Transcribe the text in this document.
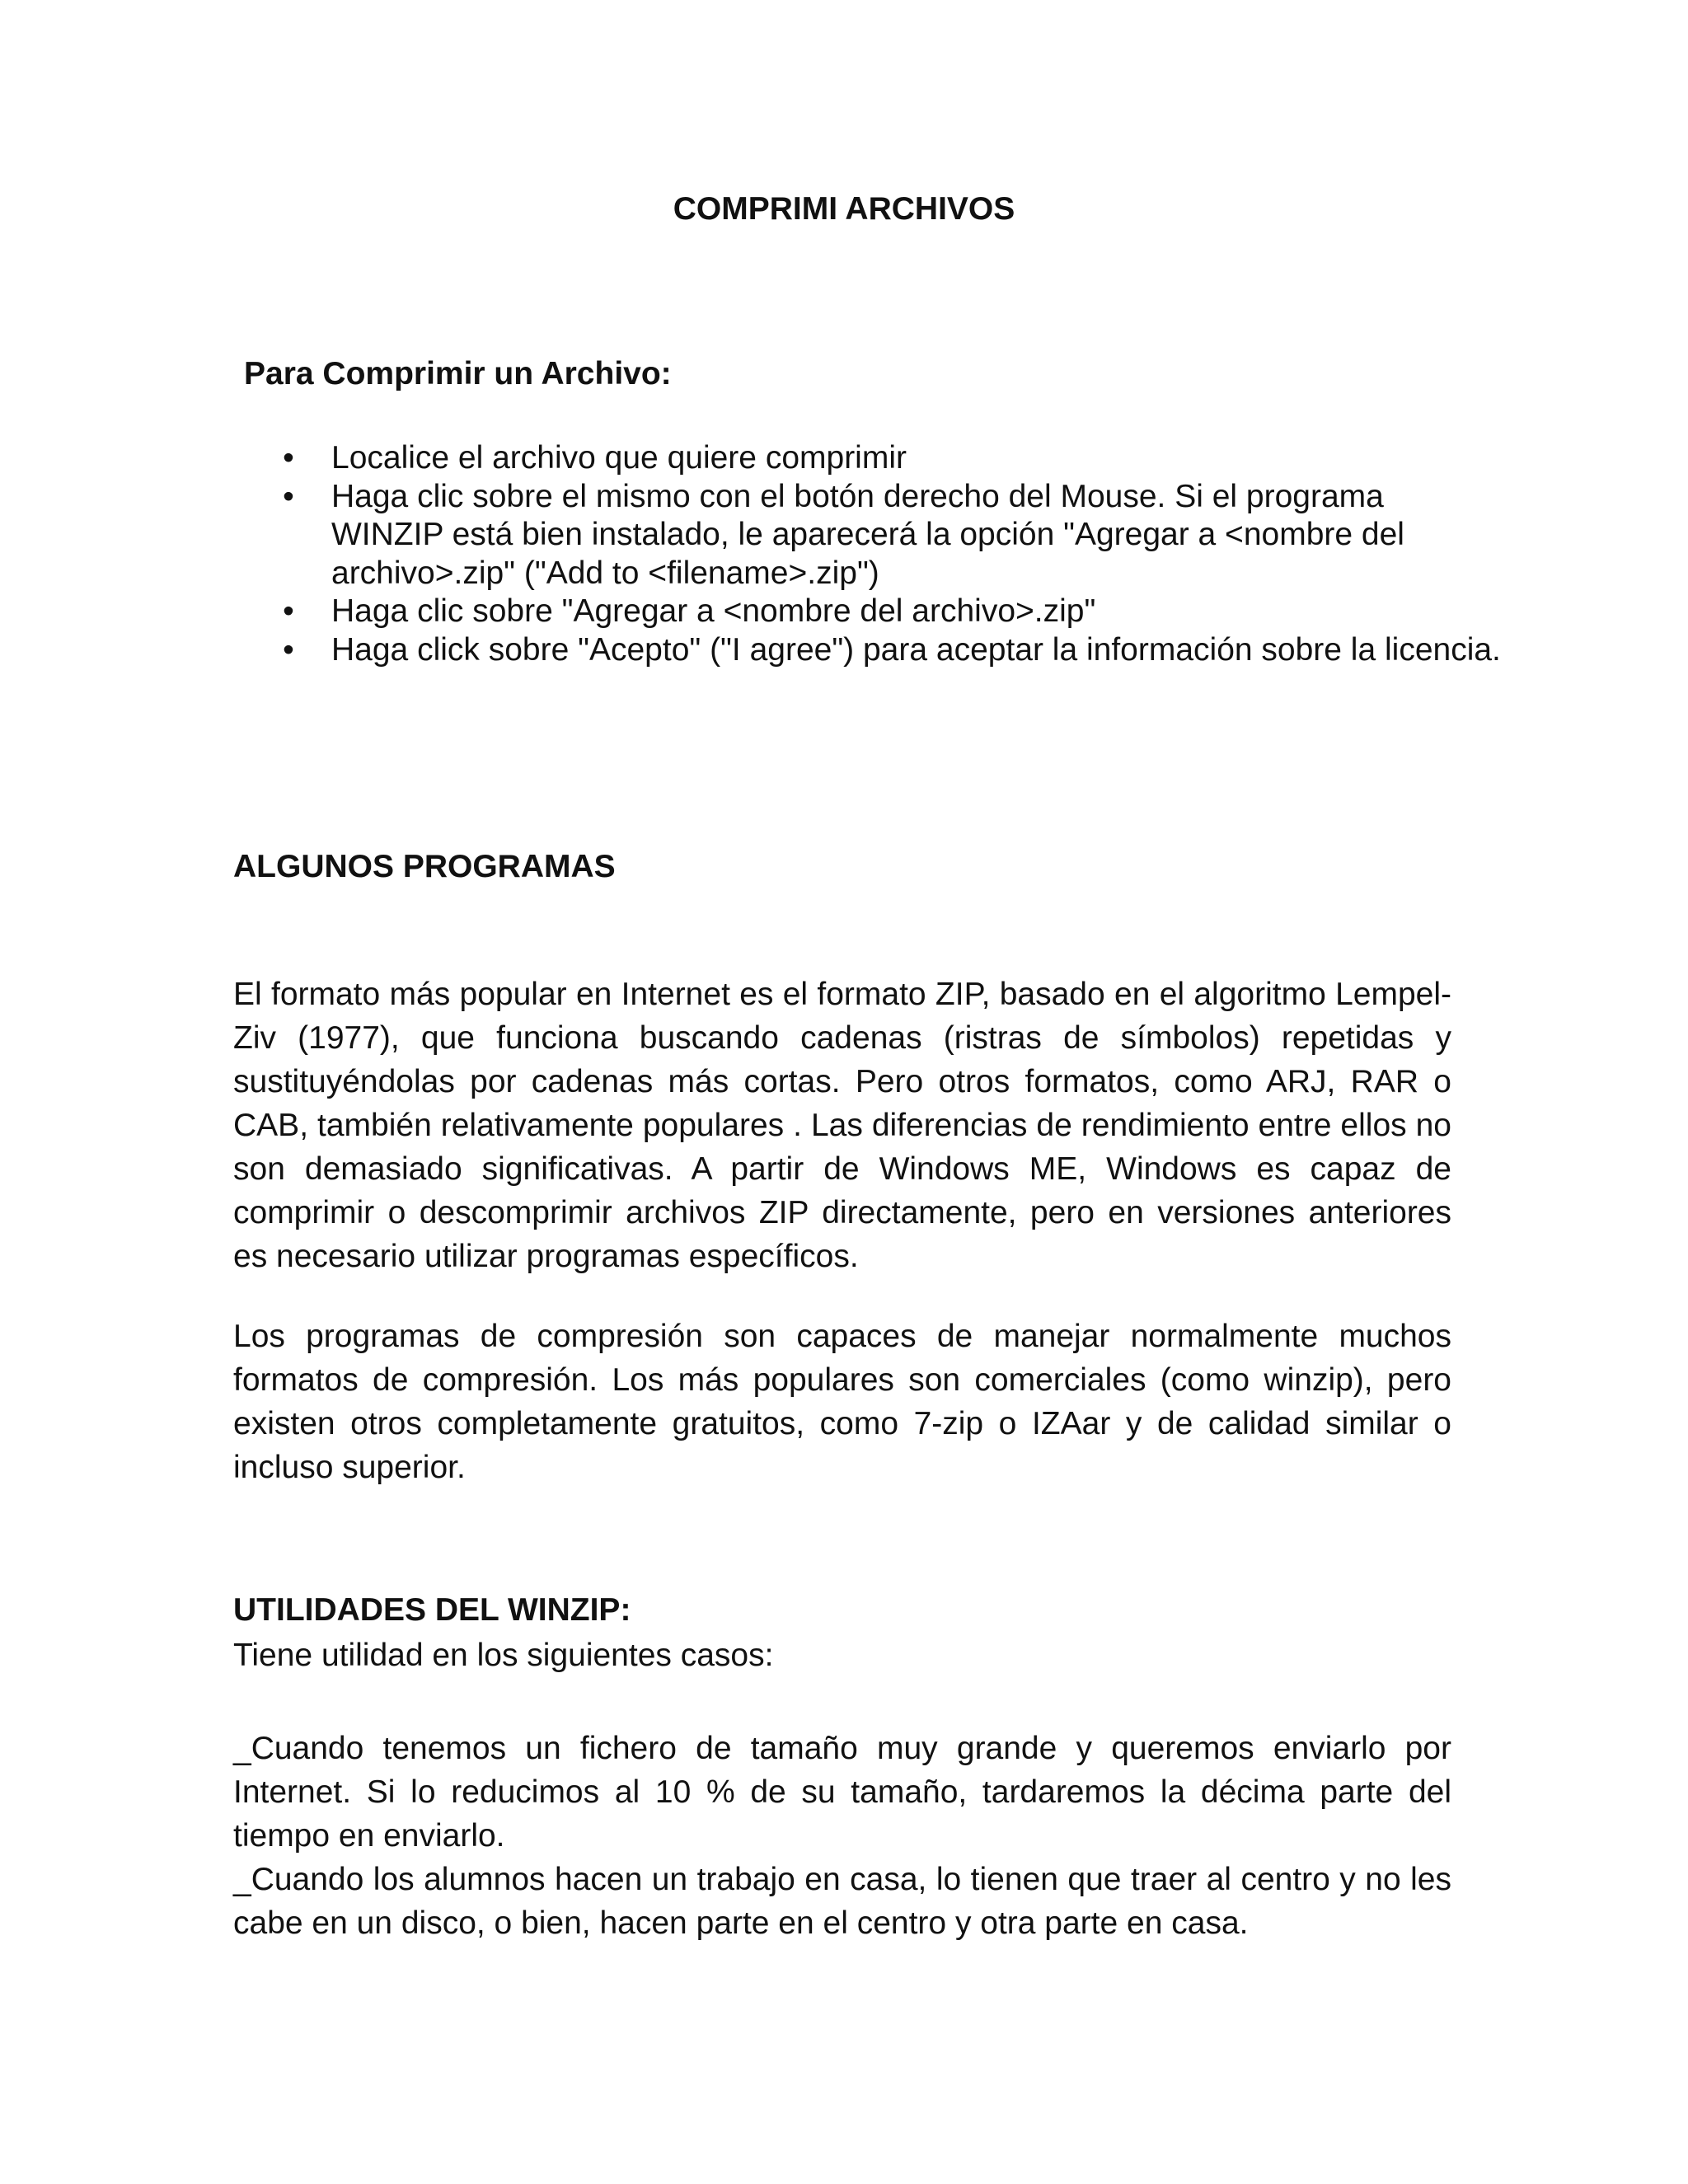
COMPRIMI ARCHIVOS
Para Comprimir un Archivo:
• Localice el archivo que quiere comprimir
• Haga clic sobre el mismo con el botón derecho del Mouse. Si el programa WINZIP está bien instalado, le aparecerá la opción "Agregar a <nombre del archivo>.zip" ("Add to <filename>.zip")
• Haga clic sobre "Agregar a <nombre del archivo>.zip"
• Haga click sobre "Acepto" ("I agree") para aceptar la información sobre la licencia.
ALGUNOS PROGRAMAS
El formato más popular en Internet es el formato ZIP, basado en el algoritmo Lempel-Ziv (1977), que funciona buscando cadenas (ristras de símbolos) repetidas y sustituyéndolas por cadenas más cortas. Pero otros formatos, como ARJ, RAR o CAB, también relativamente populares . Las diferencias de rendimiento entre ellos no son demasiado significativas. A partir de Windows ME, Windows es capaz de comprimir o descomprimir archivos ZIP directamente, pero en versiones anteriores es necesario utilizar programas específicos.
Los programas de compresión son capaces de manejar normalmente muchos formatos de compresión. Los más populares son comerciales (como winzip), pero existen otros completamente gratuitos, como 7-zip o IZAar y de calidad similar o incluso superior.
UTILIDADES DEL WINZIP:
Tiene utilidad en los siguientes casos:
_Cuando tenemos un fichero de tamaño muy grande y queremos enviarlo por Internet. Si lo reducimos al 10 % de su tamaño, tardaremos la décima parte del tiempo en enviarlo.
_Cuando los alumnos hacen un trabajo en casa, lo tienen que traer al centro y no les cabe en un disco, o bien, hacen parte en el centro y otra parte en casa.
